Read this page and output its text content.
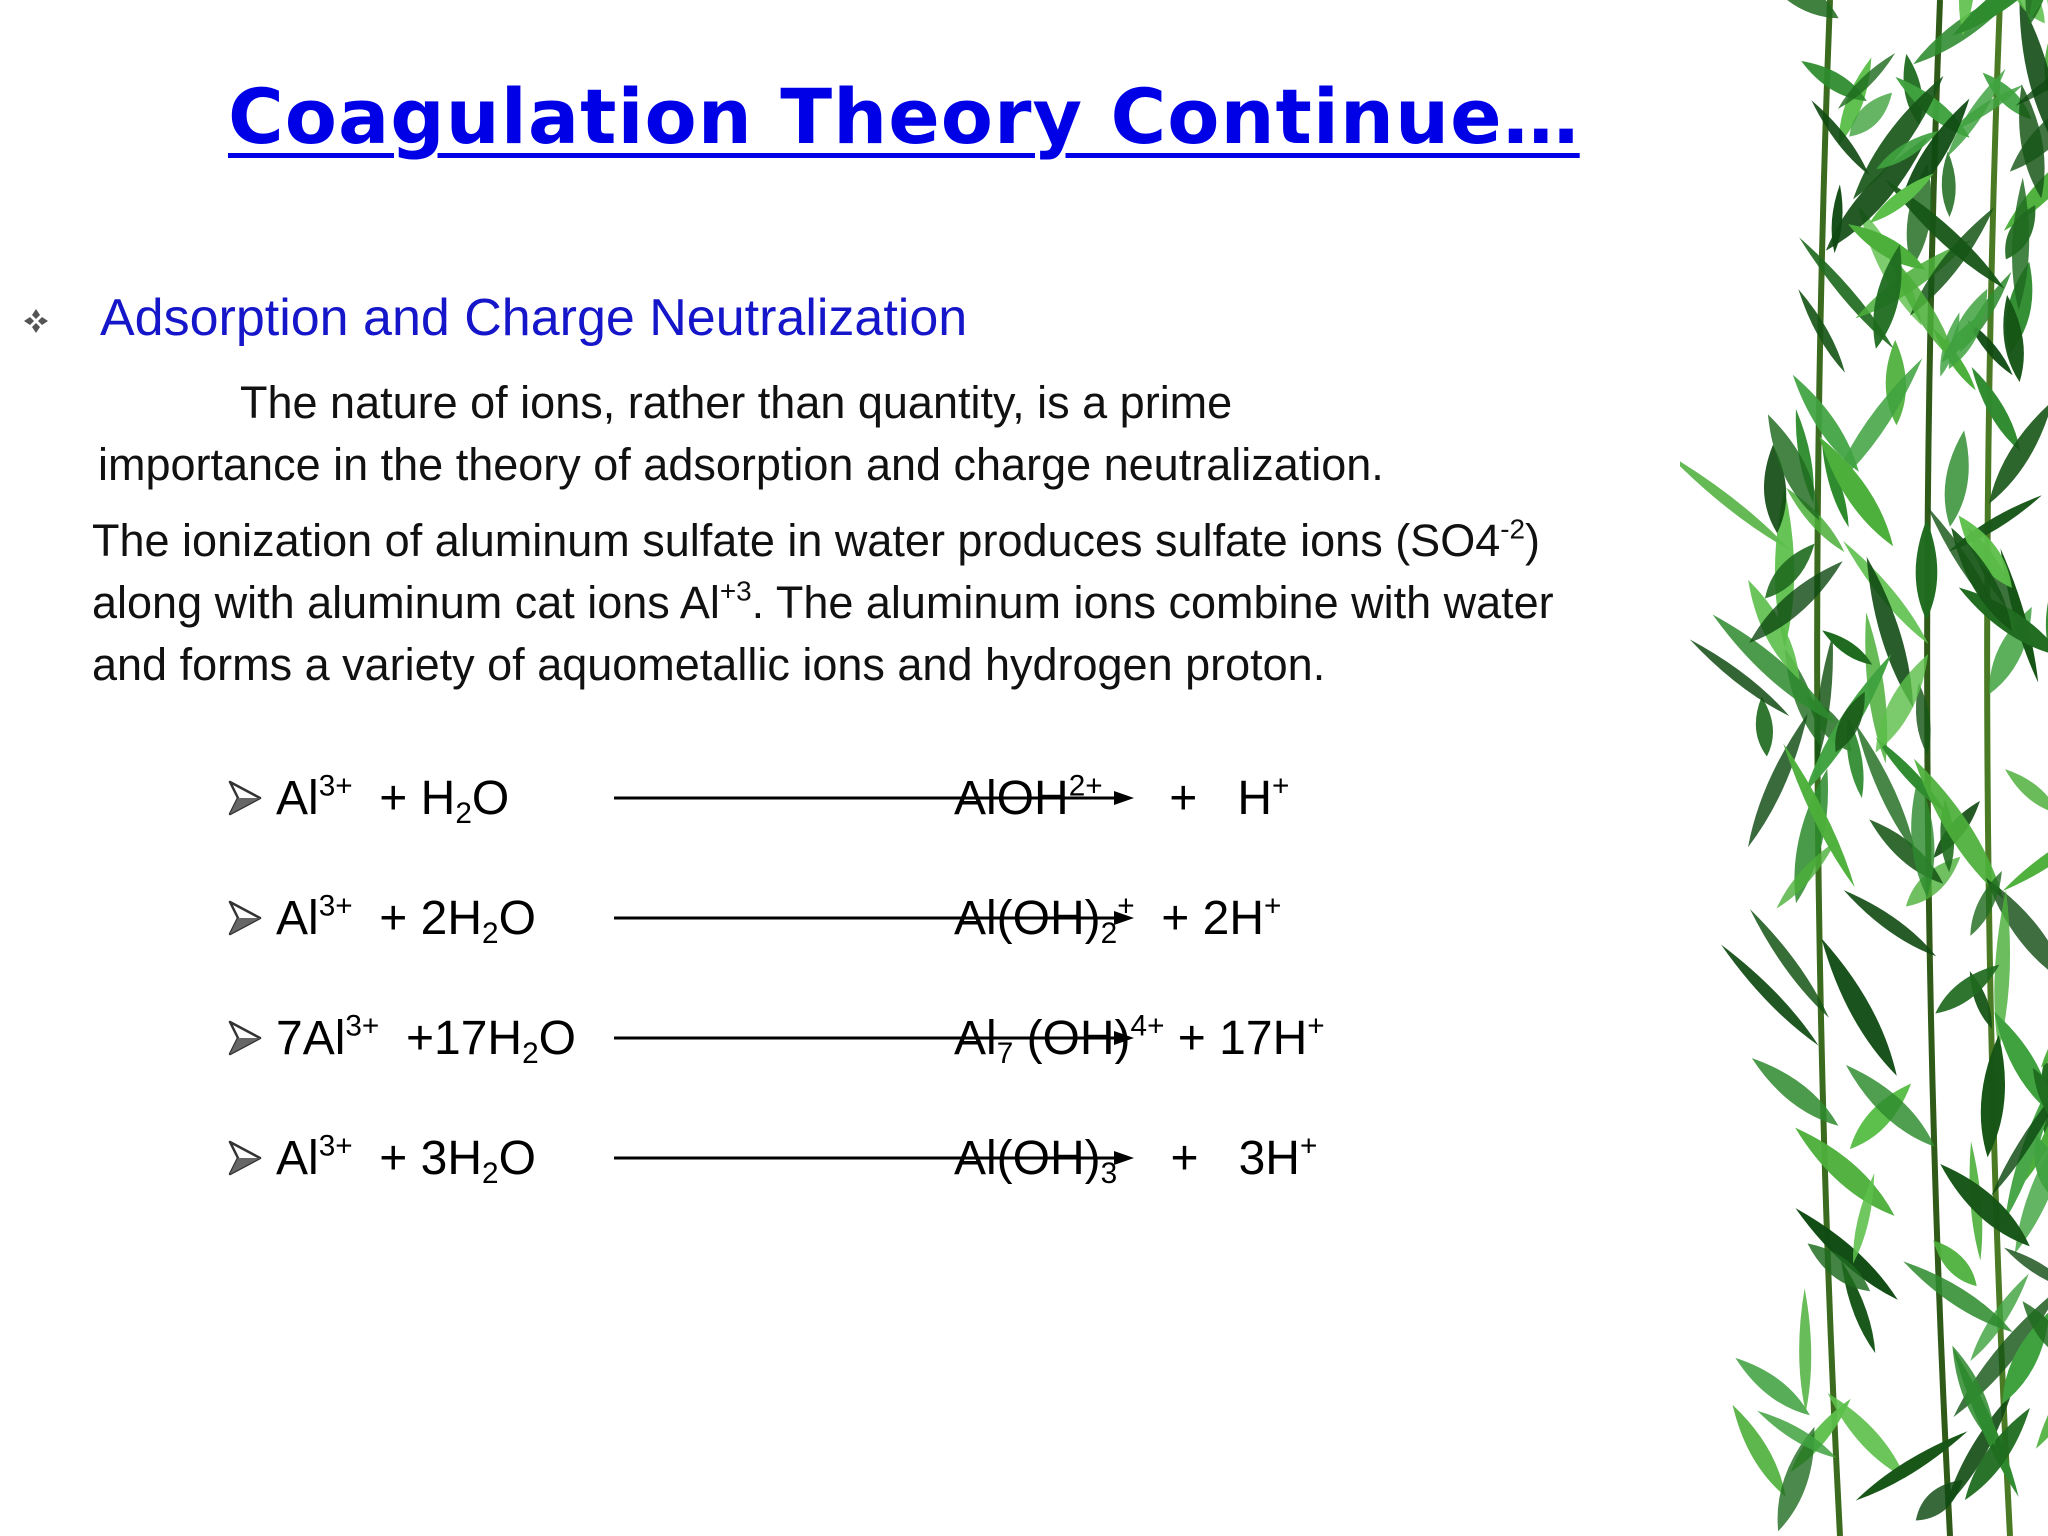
Coagulation Theory Continue…
Adsorption and Charge Neutralization

The nature of ions, rather than quantity, is a prime
importance in the theory of adsorption and charge neutralization.

The ionization of aluminum sulfate in water produces sulfate ions $(SO4^{-2})$ along with aluminum cat ions $Al^{+3}$. The aluminum ions combine with water and forms a variety of aquometallic ions and hydrogen proton.

$Al^{3+} + H_2O$	AlOH$^{2+}$     +   H+
$Al^{3+} + 2H_2O$	$Al(OH)_2^+ + 2H^+$
$7Al^{3+} +17H_2O$	$Al_7$ (OH)$^{4+}$ + 17H+
$Al^{3+} + 3H_2O$	$Al(OH)_3$    +   3H+
